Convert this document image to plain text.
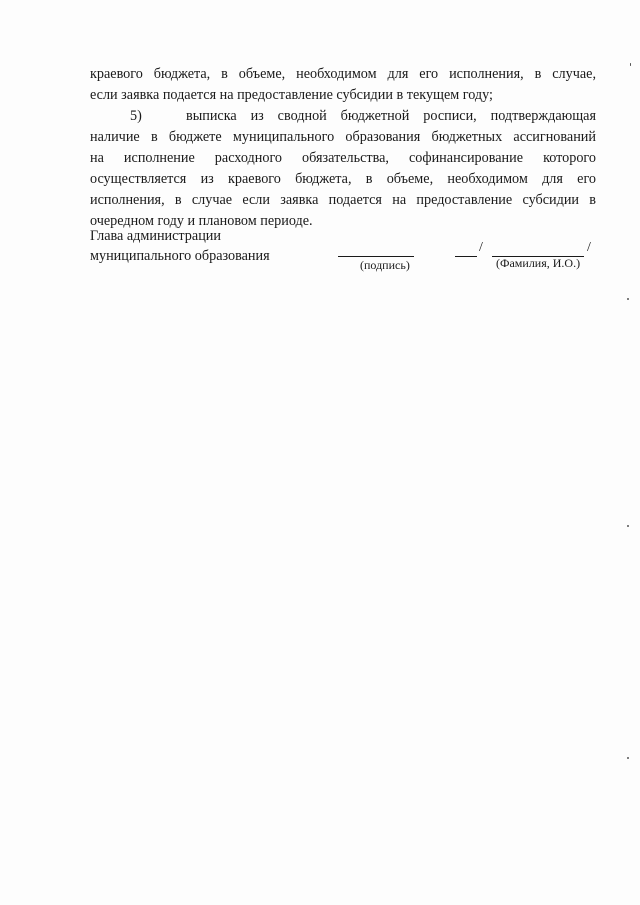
краевого бюджета, в объеме, необходимом для его исполнения, в случае,
если заявка подается на предоставление субсидии в текущем году;

5)	выписка из сводной бюджетной росписи, подтверждающая
наличие в бюджете муниципального образования бюджетных ассигнований
на исполнение расходного обязательства, софинансирование которого
осуществляется из краевого бюджета, в объеме, необходимом для его
исполнения, в случае если заявка подается на предоставление субсидии в
очередном году и плановом периоде.

Глава администрации
муниципального образования
(подпись)
/	/
(Фамилия, И.О.)
